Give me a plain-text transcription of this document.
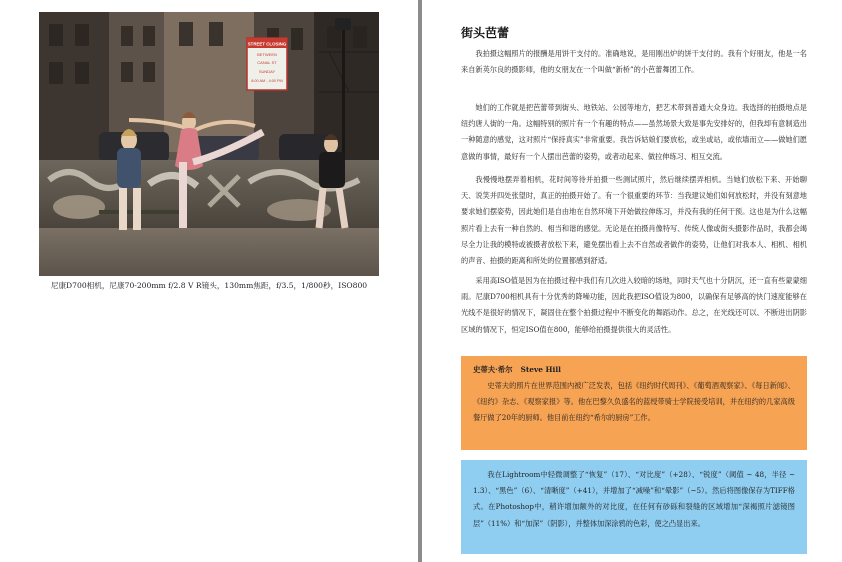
STREET CLOSING
BETWEEN
CANAL ST
SUNDAY
8:00 AM - 4:00 PM
尼康D700相机，尼康70-200mm f/2.8 V R镜头，130mm焦距，f/3.5，1/800秒，ISO800
街头芭蕾

我拍摄这幅照片的报酬是用饼干支付的。准确地说，是用刚出炉的饼干支付的。我有个好朋友，他是一名来自新英尔良的摄影师，他的女朋友在一个叫做“新桥”的小芭蕾舞团工作。

她们的工作就是把芭蕾带到街头、地铁站、公园等地方，把艺术带到普通大众身边。我选择的拍摄地点是纽约唐人街的一角。这幅特别的照片有一个有趣的特点——虽然场景大致是事先安排好的，但我却有意制造出一种随意的感觉，这对照片“保持真实”非常重要。我告诉姑娘们要放松，或坐或站，或依墙而立——做她们愿意做的事情，最好有一个人摆出芭蕾的姿势，或者动起来、做拉伸练习、相互交流。

我慢慢地摆弄着相机，花时间等待并拍摄一些测试照片，然后继续摆弄相机。当她们放松下来、开始聊天、说笑并四处张望时，真正的拍摄开始了。有一个很重要的环节：当我建议她们如何放松时，并没有刻意地要求她们摆姿势，因此她们是自由地在自然环境下开始做拉伸练习，并没有我的任何干预。这也是为什么这幅照片看上去有一种自然的、相当和谐的感觉。无论是在拍摄肖像特写、传统人像或街头摄影作品时，我都会竭尽全力让我的模特或被摄者放松下来，避免摆出看上去不自然或者做作的姿势，让他们对我本人、相机、相机的声音、拍摄的距离和所处的位置都感到舒适。

采用高ISO值是因为在拍摄过程中我们有几次进入较暗的场地，同时天气也十分阴沉，还一直有些蒙蒙细雨。尼康D700相机具有十分优秀的降噪功能，因此我把ISO值设为800，以确保有足够高的快门速度能够在光线不是很好的情况下，凝固住在整个拍摄过程中不断变化的舞蹈动作。总之，在光线还可以、不断进出阴影区域的情况下，恒定ISO值在800，能够给拍摄提供很大的灵活性。

史蒂夫·希尔 Steve Hill

史蒂夫的照片在世界范围内被广泛发表，包括《纽约时代周刊》、《葡萄酒观察家》、《每日新闻》、《纽约》杂志、《观察家报》等。他在巴黎久负盛名的蓝绶带骑士学院接受培训，并在纽约的几家高级餐厅做了20年的厨师。他目前在纽约“希尔的厨房”工作。

我在Lightroom中轻微调整了“恢复”（17）、“对比度”（+28）、“锐度”（阈值 ~ 48，半径 ~ 1.3）、“黑色”（6）、“清晰度”（+41），并增加了“减噪”和“晕影”（~5）。然后将图像保存为TIFF格式。在Photoshop中，稍许增加额外的对比度，在任何有砂砾和裂缝的区域增加“深褐照片滤镜图层”（11%）和“加深”（阴影），并整体加深涂鸦的色彩，使之凸显出来。
